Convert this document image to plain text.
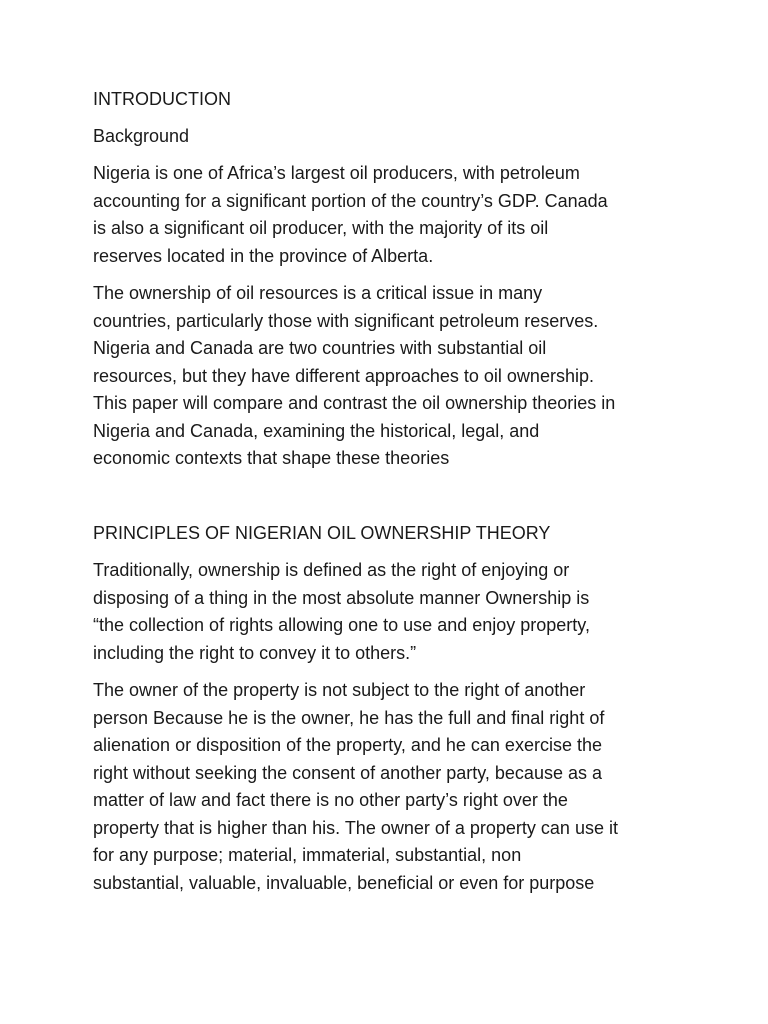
INTRODUCTION

Background

Nigeria is one of Africa’s largest oil producers, with petroleum

accounting for a significant portion of the country’s GDP. Canada

is also a significant oil producer, with the majority of its oil

reserves located in the province of Alberta.

The ownership of oil resources is a critical issue in many

countries, particularly those with significant petroleum reserves.

Nigeria and Canada are two countries with substantial oil

resources, but they have different approaches to oil ownership.

This paper will compare and contrast the oil ownership theories in

Nigeria and Canada, examining the historical, legal, and

economic contexts that shape these theories

PRINCIPLES OF NIGERIAN OIL OWNERSHIP THEORY

Traditionally, ownership is defined as the right of enjoying or

disposing of a thing in the most absolute manner Ownership is

“the collection of rights allowing one to use and enjoy property,

including the right to convey it to others.”

The owner of the property is not subject to the right of another

person Because he is the owner, he has the full and final right of

alienation or disposition of the property, and he can exercise the

right without seeking the consent of another party, because as a

matter of law and fact there is no other party’s right over the

property that is higher than his. The owner of a property can use it

for any purpose; material, immaterial, substantial, non

substantial, valuable, invaluable, beneficial or even for purpose
